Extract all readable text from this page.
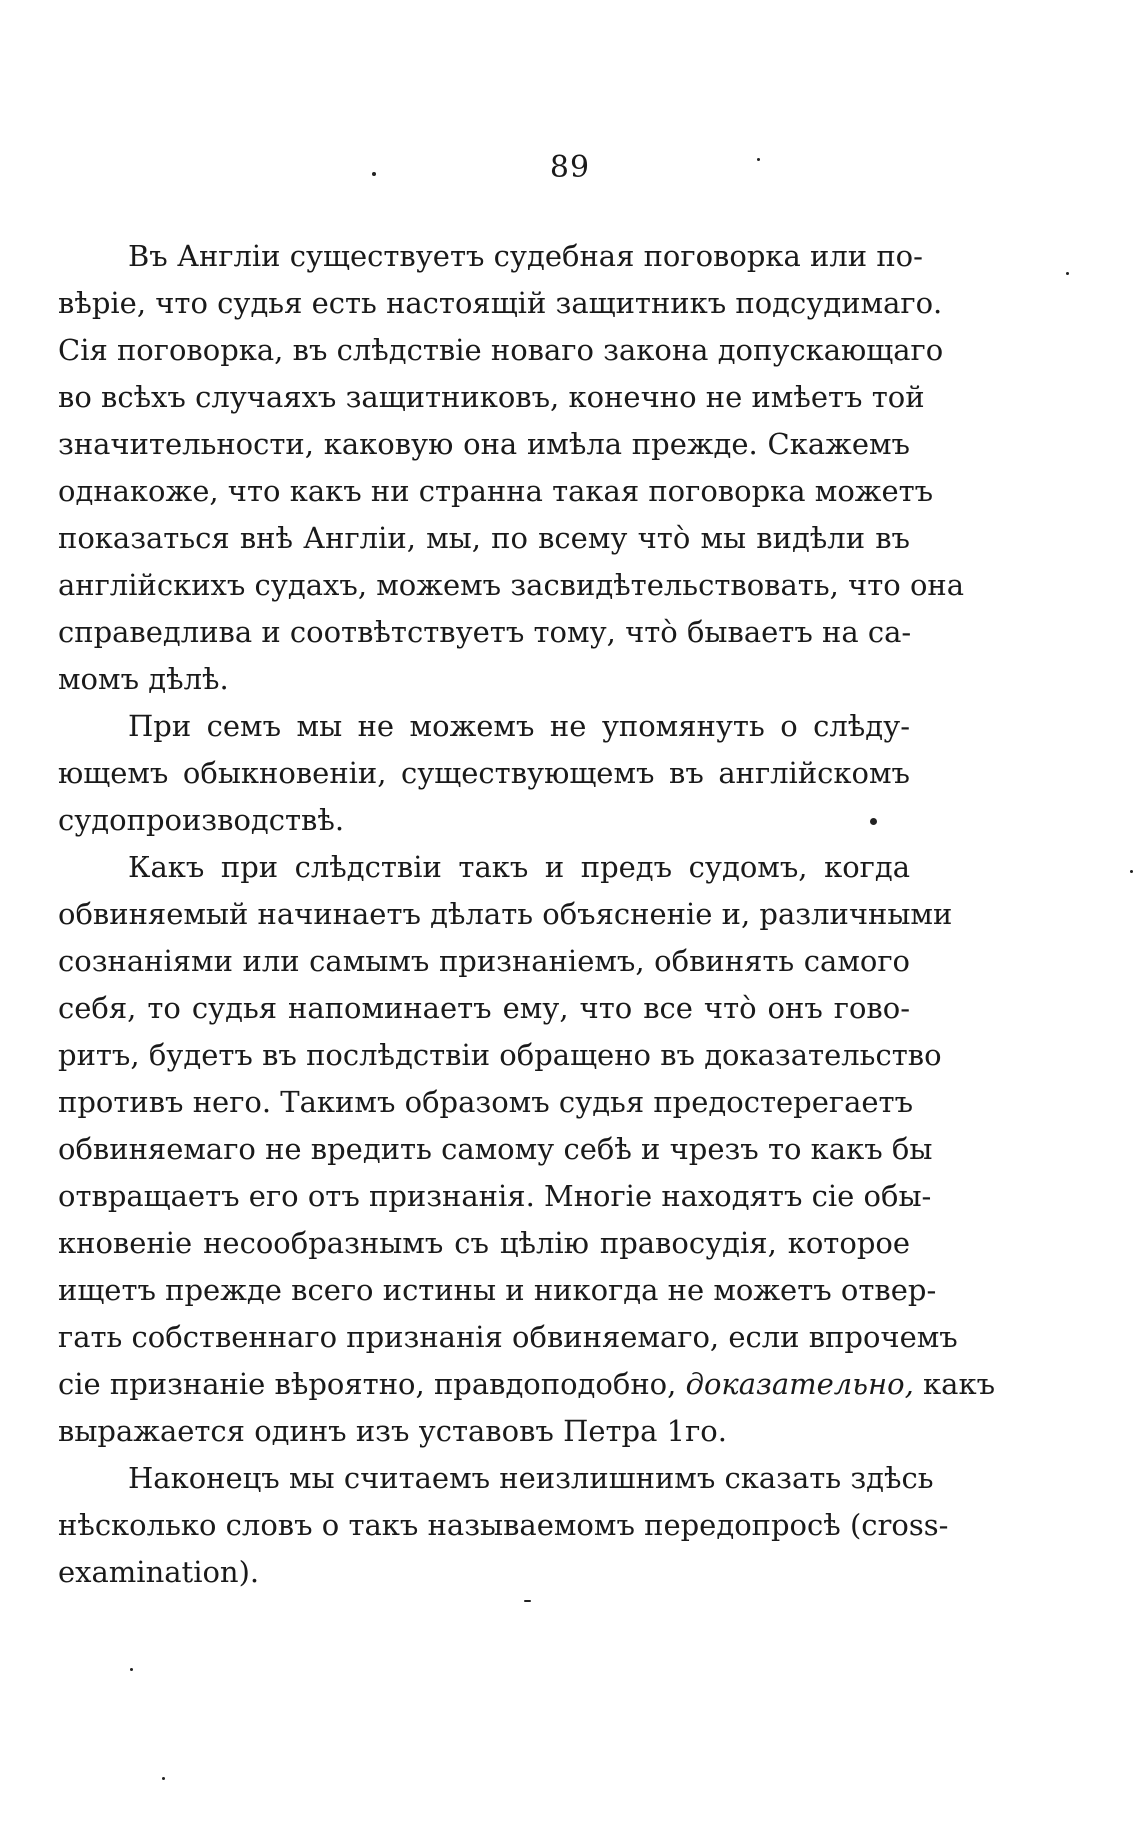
89
Въ Англіи существуетъ судебная поговорка или по-
вѣріе, что судья есть настоящій защитникъ подсудимаго.
Сія поговорка, въ слѣдствіе новаго закона допускающаго
во всѣхъ случаяхъ защитниковъ, конечно не имѣетъ той
значительности, каковую она имѣла прежде. Скажемъ
однакоже, что какъ ни странна такая поговорка можетъ
показаться внѣ Англіи, мы, по всему что̀ мы видѣли въ
англійскихъ судахъ, можемъ засвидѣтельствовать, что она
справедлива и соотвѣтствуетъ тому, что̀ бываетъ на са-
момъ дѣлѣ.
При семъ мы не можемъ не упомянуть о слѣду-
ющемъ обыкновеніи, существующемъ въ англійскомъ
судопроизводствѣ.
Какъ при слѣдствіи такъ и предъ судомъ, когда
обвиняемый начинаетъ дѣлать объясненіе и, различными
сознаніями или самымъ признаніемъ, обвинять самого
себя, то судья напоминаетъ ему, что все что̀ онъ гово-
ритъ, будетъ въ послѣдствіи обращено въ доказательство
противъ него. Такимъ образомъ судья предостерегаетъ
обвиняемаго не вредить самому себѣ и чрезъ то какъ бы
отвращаетъ его отъ признанія. Многіе находятъ сіе обы-
кновеніе несообразнымъ съ цѣлію правосудія, которое
ищетъ прежде всего истины и никогда не можетъ отвер-
гать собственнаго признанія обвиняемаго, если впрочемъ
сіе признаніе вѣроятно, правдоподобно, доказательно, какъ
выражается одинъ изъ уставовъ Петра 1го.
Наконецъ мы считаемъ неизлишнимъ сказать здѣсь
нѣсколько словъ о такъ называемомъ передопросѣ (cross-
examination).
